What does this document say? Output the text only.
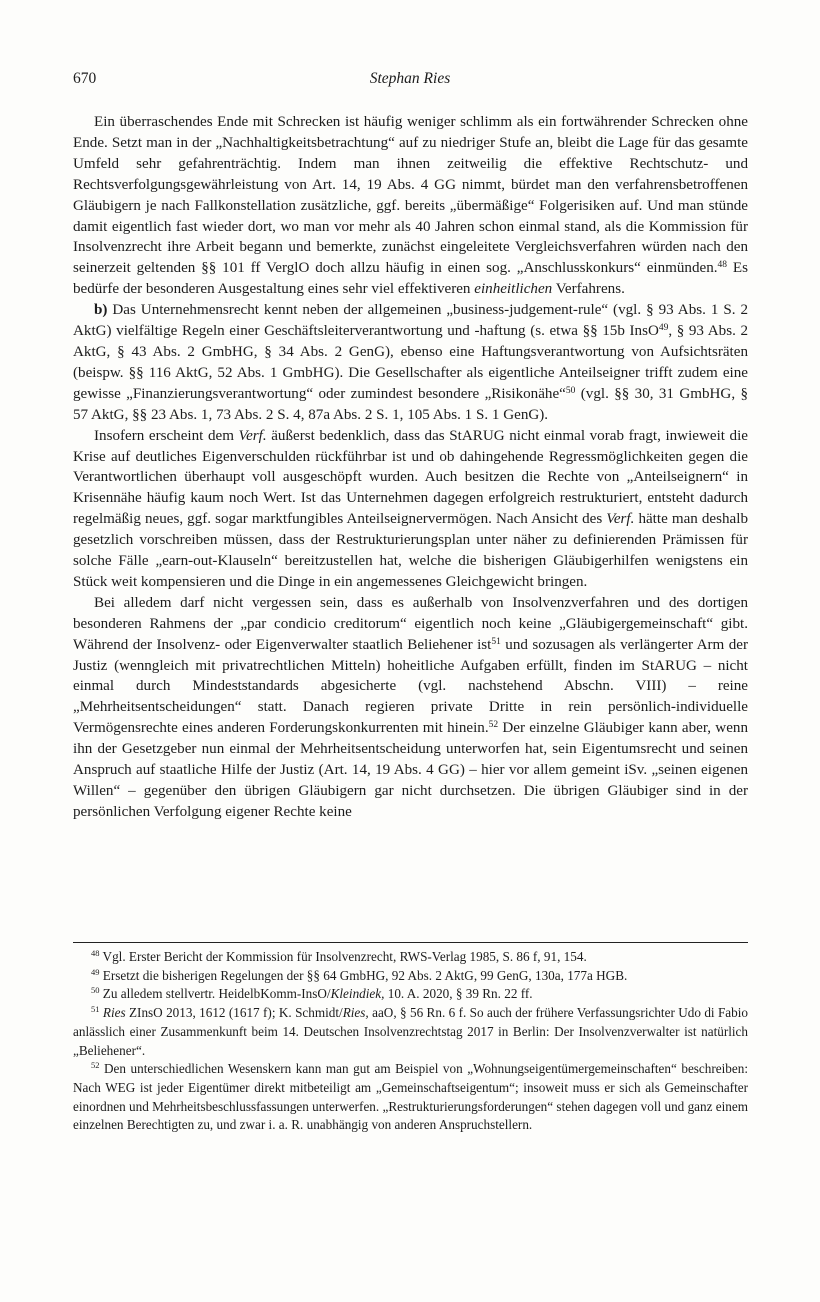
670	Stephan Ries

Ein überraschendes Ende mit Schrecken ist häufig weniger schlimm als ein fortwährender Schrecken ohne Ende. Setzt man in der „Nachhaltigkeitsbetrachtung“ auf zu niedriger Stufe an, bleibt die Lage für das gesamte Umfeld sehr gefahrenträchtig. Indem man ihnen zeitweilig die effektive Rechtschutz- und Rechtsverfolgungsgewährleistung von Art. 14, 19 Abs. 4 GG nimmt, bürdet man den verfahrensbetroffenen Gläubigern je nach Fallkonstellation zusätzliche, ggf. bereits „übermäßige“ Folgerisiken auf. Und man stünde damit eigentlich fast wieder dort, wo man vor mehr als 40 Jahren schon einmal stand, als die Kommission für Insolvenzrecht ihre Arbeit begann und bemerkte, zunächst eingeleitete Vergleichsverfahren würden nach den seinerzeit geltenden §§ 101 ff VerglO doch allzu häufig in einen sog. „Anschlusskonkurs“ einmünden.$^{48}$ Es bedürfe der besonderen Ausgestaltung eines sehr viel effektiveren einheitlichen Verfahrens.

b) Das Unternehmensrecht kennt neben der allgemeinen „business-judgement-rule“ (vgl. § 93 Abs. 1 S. 2 AktG) vielfältige Regeln einer Geschäftsleiterverantwortung und -haftung (s. etwa §§ 15b InsO$^{49}$, § 93 Abs. 2 AktG, § 43 Abs. 2 GmbHG, § 34 Abs. 2 GenG), ebenso eine Haftungsverantwortung von Aufsichtsräten (beispw. §§ 116 AktG, 52 Abs. 1 GmbHG). Die Gesellschafter als eigentliche Anteilseigner trifft zudem eine gewisse „Finanzierungsverantwortung“ oder zumindest besondere „Risikonähe“$^{50}$ (vgl. §§ 30, 31 GmbHG, § 57 AktG, §§ 23 Abs. 1, 73 Abs. 2 S. 4, 87a Abs. 2 S. 1, 105 Abs. 1 S. 1 GenG).

Insofern erscheint dem Verf. äußerst bedenklich, dass das StARUG nicht einmal vorab fragt, inwieweit die Krise auf deutliches Eigenverschulden rückführbar ist und ob dahingehende Regressmöglichkeiten gegen die Verantwortlichen überhaupt voll ausgeschöpft wurden. Auch besitzen die Rechte von „Anteilseignern“ in Krisennähe häufig kaum noch Wert. Ist das Unternehmen dagegen erfolgreich restrukturiert, entsteht dadurch regelmäßig neues, ggf. sogar marktfungibles Anteilseignervermögen. Nach Ansicht des Verf. hätte man deshalb gesetzlich vorschreiben müssen, dass der Restrukturierungsplan unter näher zu definierenden Prämissen für solche Fälle „earn-out-Klauseln“ bereitzustellen hat, welche die bisherigen Gläubigerhilfen wenigstens ein Stück weit kompensieren und die Dinge in ein angemessenes Gleichgewicht bringen.

Bei alledem darf nicht vergessen sein, dass es außerhalb von Insolvenzverfahren und des dortigen besonderen Rahmens der „par condicio creditorum“ eigentlich noch keine „Gläubigergemeinschaft“ gibt. Während der Insolvenz- oder Eigenverwalter staatlich Beliehener ist$^{51}$ und sozusagen als verlängerter Arm der Justiz (wenngleich mit privatrechtlichen Mitteln) hoheitliche Aufgaben erfüllt, finden im StARUG – nicht einmal durch Mindeststandards abgesicherte (vgl. nachstehend Abschn. VIII) – reine „Mehrheitsentscheidungen“ statt. Danach regieren private Dritte in rein persönlich-individuelle Vermögensrechte eines anderen Forderungskonkurrenten mit hinein.$^{52}$ Der einzelne Gläubiger kann aber, wenn ihn der Gesetzgeber nun einmal der Mehrheitsentscheidung unterworfen hat, sein Eigentumsrecht und seinen Anspruch auf staatliche Hilfe der Justiz (Art. 14, 19 Abs. 4 GG) – hier vor allem gemeint iSv. „seinen eigenen Willen“ – gegenüber den übrigen Gläubigern gar nicht durchsetzen. Die übrigen Gläubiger sind in der persönlichen Verfolgung eigener Rechte keine

$^{48}$ Vgl. Erster Bericht der Kommission für Insolvenzrecht, RWS-Verlag 1985, S. 86 f, 91, 154.

$^{49}$ Ersetzt die bisherigen Regelungen der §§ 64 GmbHG, 92 Abs. 2 AktG, 99 GenG, 130a, 177a HGB.

$^{50}$ Zu alledem stellvertr. HeidelbKomm-InsO/Kleindiek, 10. A. 2020, § 39 Rn. 22 ff.

$^{51}$ Ries ZInsO 2013, 1612 (1617 f); K. Schmidt/Ries, aaO, § 56 Rn. 6 f. So auch der frühere Verfassungsrichter Udo di Fabio anlässlich einer Zusammenkunft beim 14. Deutschen Insolvenzrechtstag 2017 in Berlin: Der Insolvenzverwalter ist natürlich „Beliehener“.

$^{52}$ Den unterschiedlichen Wesenskern kann man gut am Beispiel von „Wohnungseigentümergemeinschaften“ beschreiben: Nach WEG ist jeder Eigentümer direkt mitbeteiligt am „Gemeinschaftseigentum“; insoweit muss er sich als Gemeinschafter einordnen und Mehrheitsbeschlussfassungen unterwerfen. „Restrukturierungsforderungen“ stehen dagegen voll und ganz einem einzelnen Berechtigten zu, und zwar i. a. R. unabhängig von anderen Anspruchstellern.
